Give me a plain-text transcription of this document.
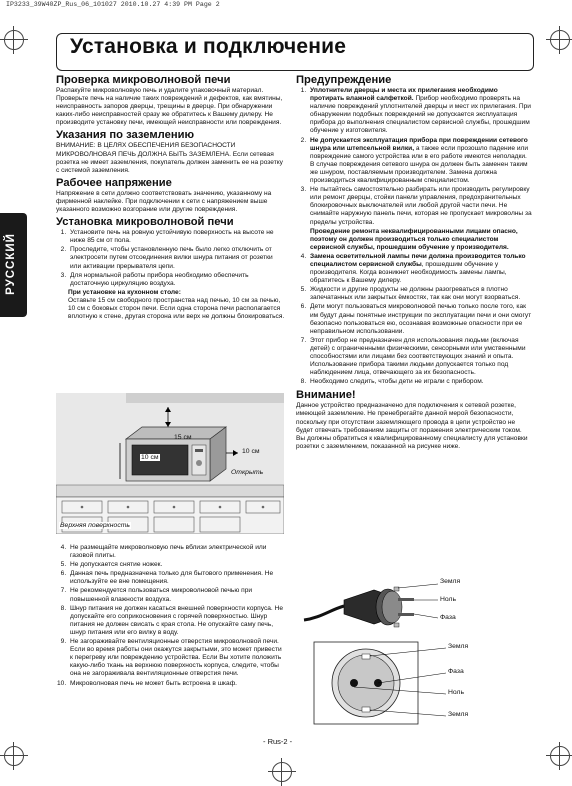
IP3233_39W40ZP_Rus_06_101027 2010.10.27 4:39 PM Page 2
Установка и подключение
РУССКИЙ
Проверка микроволновой печи
Распакуйте микроволновую печь и удалите упаковочный материал. Проверьте печь на наличие таких повреждений и дефектов, как вмятины, неисправность запоров дверцы, трещины в дверце. При обнаружении каких-либо неисправностей сразу же обратитесь к Вашему дилеру. Не производите установку печи, имеющей неисправности или повреждения.
Указания по заземлению
ВНИМАНИЕ: В ЦЕЛЯХ ОБЕСПЕЧЕНИЯ БЕЗОПАСНОСТИ МИКРОВОЛНОВАЯ ПЕЧЬ ДОЛЖНА БЫТЬ ЗАЗЕМЛЕНА. Если сетевая розетка не имеет заземления, покупатель должен заменить ее на розетку с системой заземления.
Рабочее напряжение
Напряжение в сети должно соответствовать значению, указанному на фирменной наклейке. При подключении к сети с напряжением выше указанного возможно возгорание или другие повреждения.
Установка микроволновой печи
1. Установите печь на ровную устойчивую поверхность на высоте не ниже 85 см от пола.
2. Проследите, чтобы установленную печь было легко отключить от электросети путем отсоединения вилки шнура питания от розетки или активации прерывателя цепи.
3. Для нормальной работы прибора необходимо обеспечить достаточную циркуляцию воздуха.
При установке на кухонном столе:
Оставьте 15 см свободного пространства над печью, 10 см за печью, 10 см с боковых сторон печи. Если одна сторона печи располагается вплотную к стене, другая сторона или верх не должны блокироваться.
15 см
10 см
10 см
Открыть
Верхняя поверхность
4. Не размещайте микроволновую печь вблизи электрической или газовой плиты.
5. Не допускается снятие ножек.
6. Данная печь предназначена только для бытового применения. Не используйте ее вне помещения.
7. Не рекомендуется пользоваться микроволновой печью при повышенной влажности воздуха.
8. Шнур питания не должен касаться внешней поверхности корпуса. Не допускайте его соприкосновения с горячей поверхностью. Шнур питания не должен свисать с края стола. Не опускайте саму печь, шнур питания или его вилку в воду.
9. Не загораживайте вентиляционные отверстия микроволновой печи. Если во время работы они окажутся закрытыми, это может привести к перегреву или повреждению устройства. Если Вы хотите положить какую-либо ткань на верхнюю поверхность корпуса, следите, чтобы она не загораживала вентиляционные отверстия печи.
10. Микроволновая печь не может быть встроена в шкаф.
Предупреждение
1. Уплотнители дверцы и места их прилегания необходимо протирать влажной салфеткой. Прибор необходимо проверять на наличие повреждений уплотнителей дверцы и мест их прилегания. При обнаружении подобных повреждений не допускается эксплуатация прибора до выполнения специалистом сервисной службы, прошедшим обучение у изготовителя.
2. Не допускается эксплуатация прибора при повреждении сетевого шнура или штепсельной вилки, а также если прозошло падение или повреждение самого устройства или в его работе имеются неполадки. В случае повреждения сетевого шнура он должен быть заменен таким же шнуром, поставляемым производителем. Замена должна производиться квалифицированным специалистом.
3. Не пытайтесь самостоятельно разбирать или производить регулировку или ремонт дверцы, стойки панели управления, предохранительных блокировочных выключателей или любой другой части печи. Не снимайте наружную панель печи, которая не пропускает микроволны за пределы устройства.
Проведение ремонта неквалифицированными лицами опасно, поэтому он должен производиться только специалистом сервисной службы, прошедшим обучение у производителя.
4. Замена осветительной лампы печи должна производится только специалистом сервисной службы, прошедшим обучение у производителя. Когда возникнет необходимость замены лампы, обратитесь к Вашему дилеру.
5. Жидкости и другие продукты не должны разогреваться в плотно запечатанных или закрытых ёмкостях, так как они могут взорваться.
6. Дети могут пользоваться микроволновой печью только после того, как им будут даны понятные инструкции по эксплуатации печи и они смогут безопасно пользоваться ею, осознавая возможные опасности при ее неправильном использовании.
7. Этот прибор не предназначен для использования людьми (включая детей) с ограниченными физическими, сенсорными или умственными способностями или лицами без соответствующих знаний и опыта. Использование прибора такими людьми допускается только под наблюдением лица, отвечающего за их безопасность.
8. Необходимо следить, чтобы дети не играли с прибором.
Внимание!
Данное устройство предназначено для подключения к сетевой розетке, имеющей заземление. Не пренебрегайте данной мерой безопасности, поскольку при отсутствии заземляющего провода в цепи устройство не будет отвечать требованиям защиты от поражения электрическим током. Вы должны обратиться к квалифицированному специалисту для установки розетки с заземлением, показанной на рисунке ниже.
Земля
Ноль
Фаза
Земля
Фаза
Ноль
Земля
- Rus-2 -
